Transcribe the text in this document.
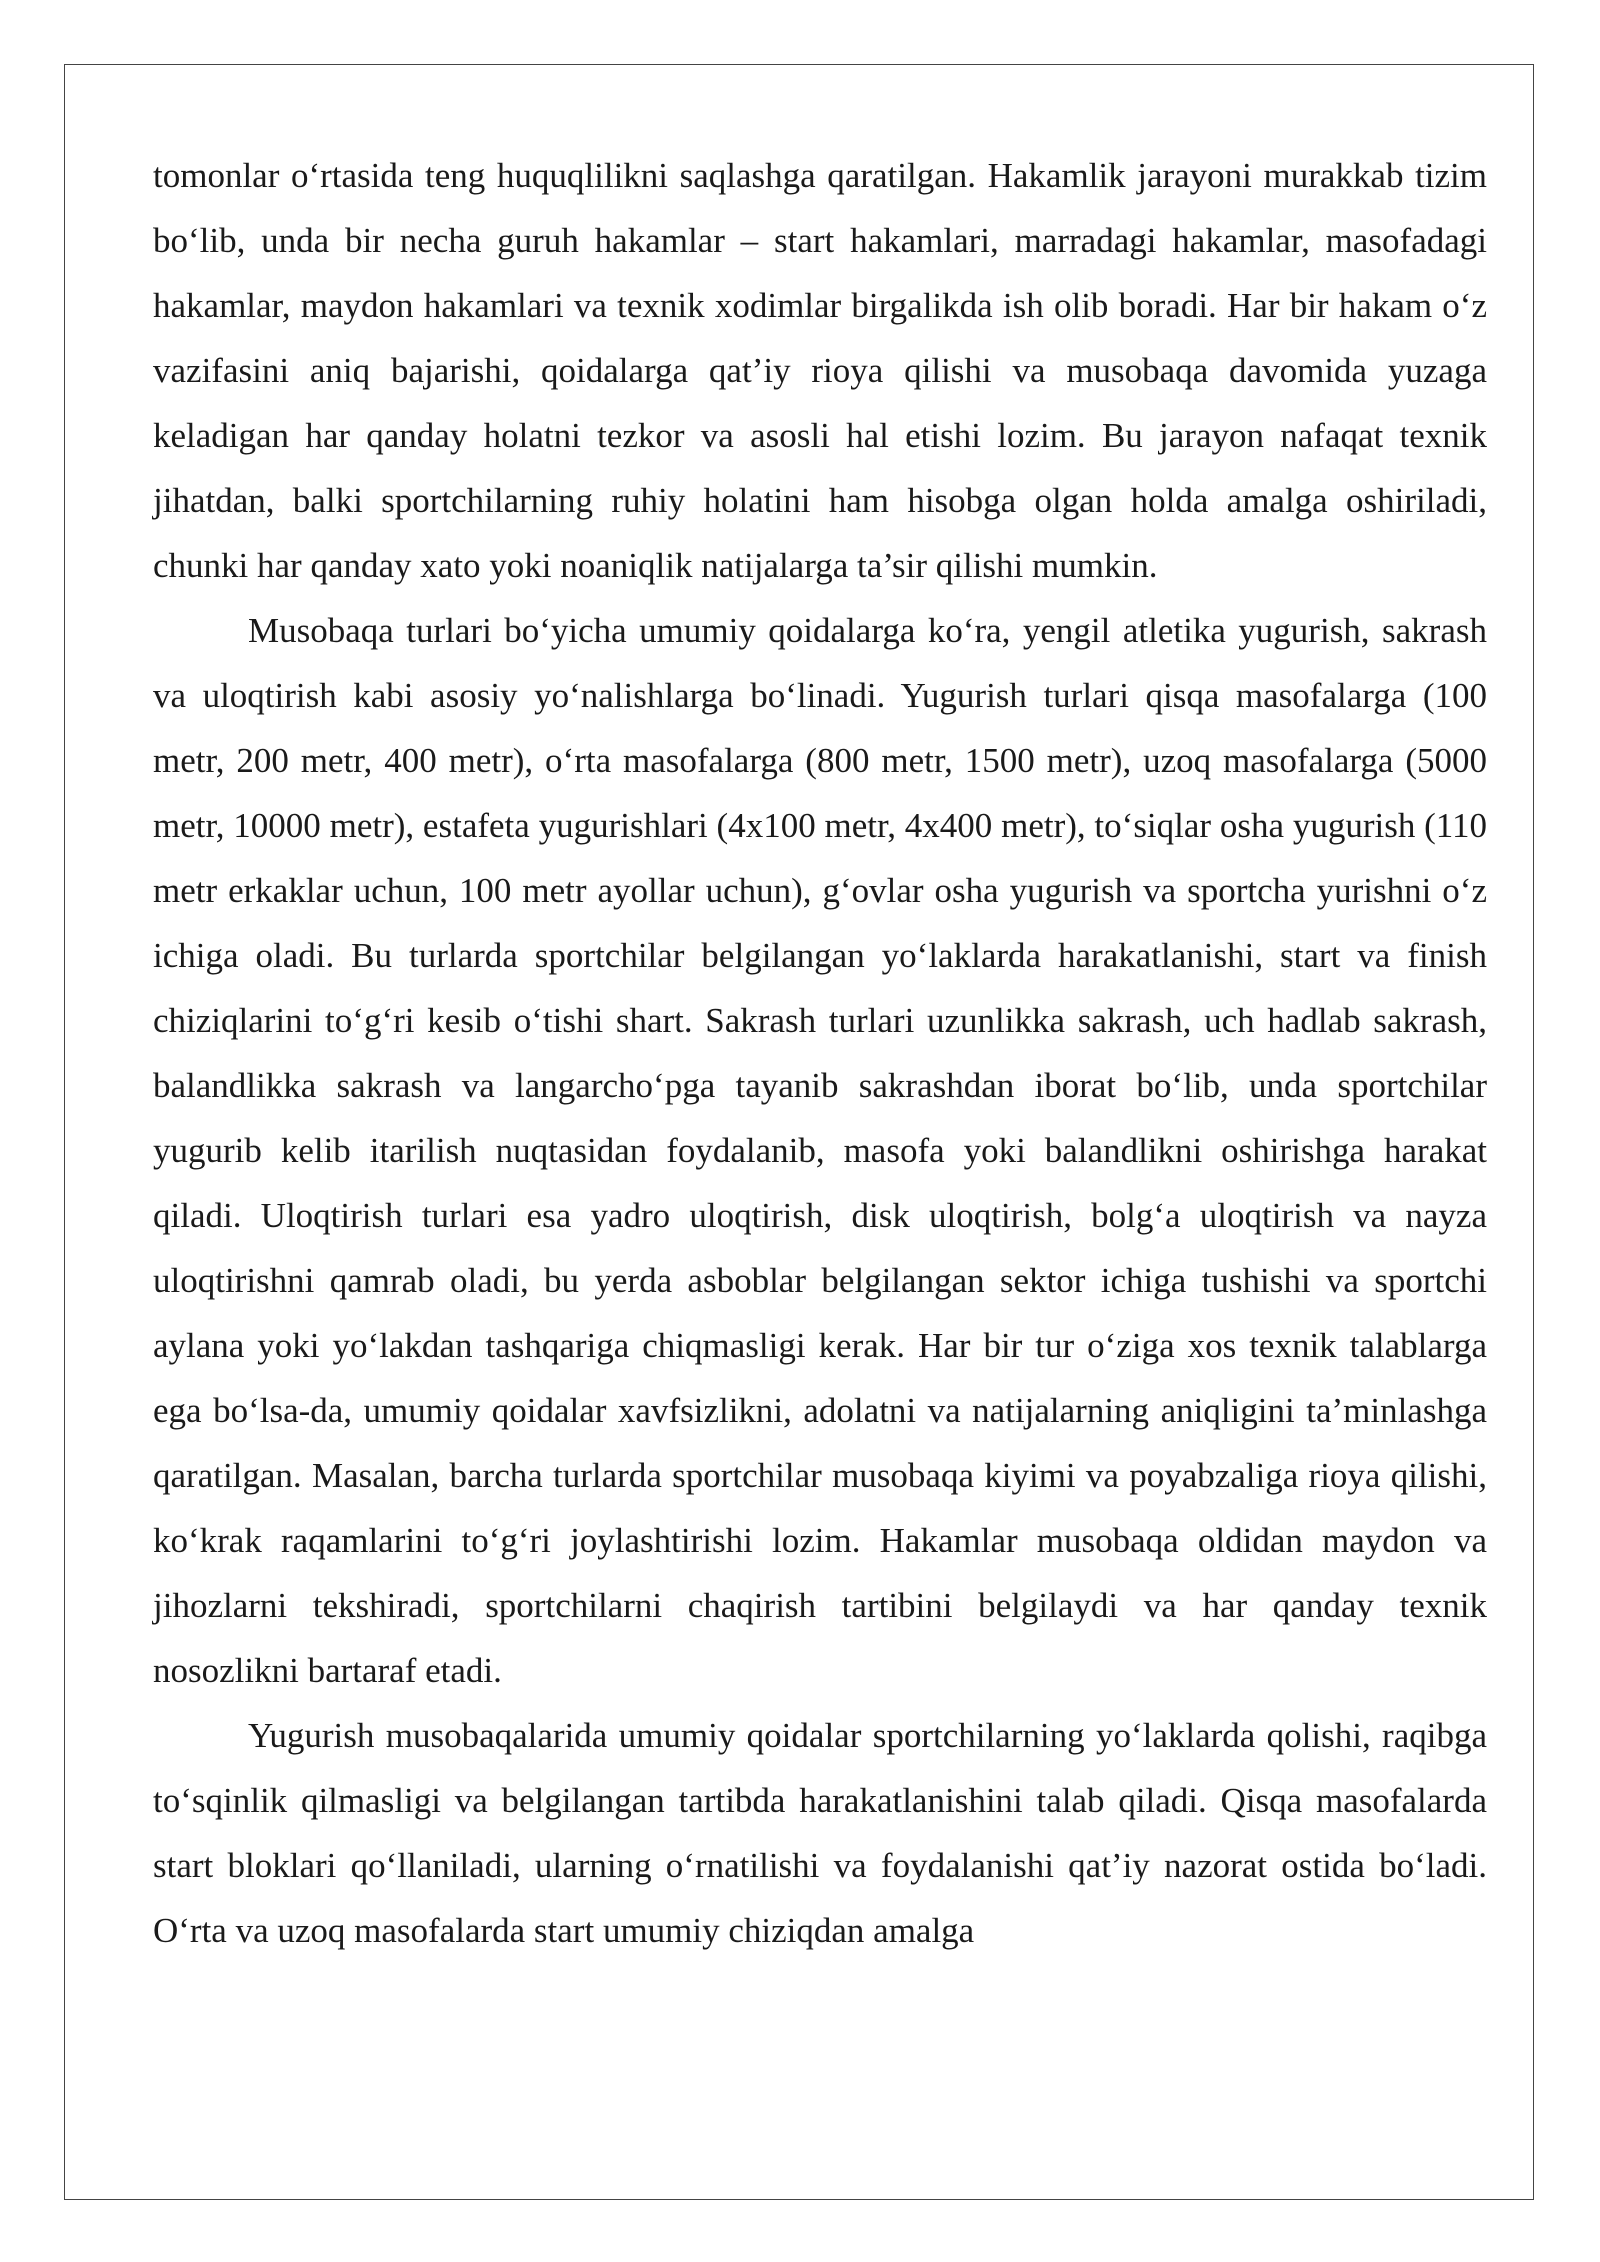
tomonlar oʻrtasida teng huquqlilikni saqlashga qaratilgan. Hakamlik jarayoni murakkab tizim boʻlib, unda bir necha guruh hakamlar – start hakamlari, marradagi hakamlar, masofadagi hakamlar, maydon hakamlari va texnik xodimlar birgalikda ish olib boradi. Har bir hakam oʻz vazifasini aniq bajarishi, qoidalarga qat’iy rioya qilishi va musobaqa davomida yuzaga keladigan har qanday holatni tezkor va asosli hal etishi lozim. Bu jarayon nafaqat texnik jihatdan, balki sportchilarning ruhiy holatini ham hisobga olgan holda amalga oshiriladi, chunki har qanday xato yoki noaniqlik natijalarga ta’sir qilishi mumkin.

Musobaqa turlari boʻyicha umumiy qoidalarga koʻra, yengil atletika yugurish, sakrash va uloqtirish kabi asosiy yoʻnalishlarga boʻlinadi. Yugurish turlari qisqa masofalarga (100 metr, 200 metr, 400 metr), oʻrta masofalarga (800 metr, 1500 metr), uzoq masofalarga (5000 metr, 10000 metr), estafeta yugurishlari (4x100 metr, 4x400 metr), toʻsiqlar osha yugurish (110 metr erkaklar uchun, 100 metr ayollar uchun), gʻovlar osha yugurish va sportcha yurishni oʻz ichiga oladi. Bu turlarda sportchilar belgilangan yoʻlaklarda harakatlanishi, start va finish chiziqlarini toʻgʻri kesib oʻtishi shart. Sakrash turlari uzunlikka sakrash, uch hadlab sakrash, balandlikka sakrash va langarchoʻpga tayanib sakrashdan iborat boʻlib, unda sportchilar yugurib kelib itarilish nuqtasidan foydalanib, masofa yoki balandlikni oshirishga harakat qiladi. Uloqtirish turlari esa yadro uloqtirish, disk uloqtirish, bolgʻa uloqtirish va nayza uloqtirishni qamrab oladi, bu yerda asboblar belgilangan sektor ichiga tushishi va sportchi aylana yoki yoʻlakdan tashqariga chiqmasligi kerak. Har bir tur oʻziga xos texnik talablarga ega boʻlsa-da, umumiy qoidalar xavfsizlikni, adolatni va natijalarning aniqligini ta’minlashga qaratilgan. Masalan, barcha turlarda sportchilar musobaqa kiyimi va poyabzaliga rioya qilishi, koʻkrak raqamlarini toʻgʻri joylashtirishi lozim. Hakamlar musobaqa oldidan maydon va jihozlarni tekshiradi, sportchilarni chaqirish tartibini belgilaydi va har qanday texnik nosozlikni bartaraf etadi.

Yugurish musobaqalarida umumiy qoidalar sportchilarning yoʻlaklarda qolishi, raqibga toʻsqinlik qilmasligi va belgilangan tartibda harakatlanishini talab qiladi. Qisqa masofalarda start bloklari qoʻllaniladi, ularning oʻrnatilishi va foydalanishi qat’iy nazorat ostida boʻladi. Oʻrta va uzoq masofalarda start umumiy chiziqdan amalga
